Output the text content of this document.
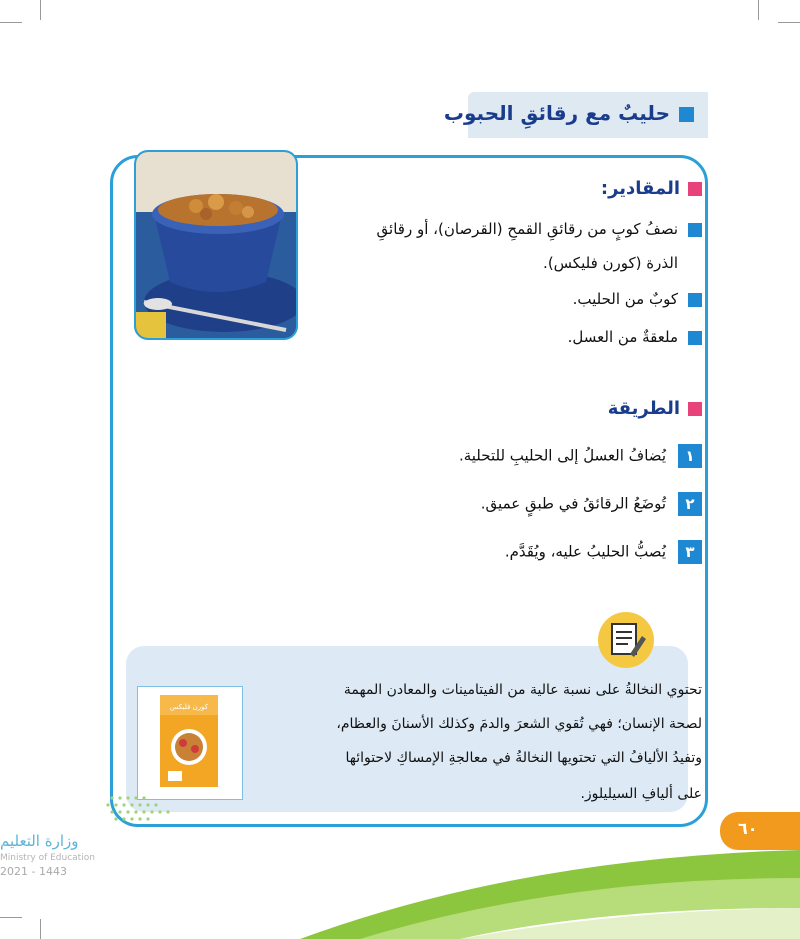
حليبٌ مع رقائقِ الحبوب
المقادير:
نصفُ كوبٍ من رقائقِ القمحِ (القرصان)، أو رقائقِ
الذرة (كورن فليكس).
كوبٌ من الحليب.
ملعقةٌ من العسل.
الطريقة
١يُضافُ العسلُ إلى الحليبِ للتحلية.
٢تُوضَعُ الرقائقُ في طبقٍ عميق.
٣يُصبُّ الحليبُ عليه، ويُقَدَّم.
تحتوي النخالةُ على نسبة عالية من الفيتامينات والمعادن المهمة
لصحة الإنسان؛ فهي تُقوي الشعرَ والدمَ وكذلك الأسنانَ والعظام،
وتفيدُ الأليافُ التي تحتويها النخالةُ في معالجةِ الإمساكِ لاحتوائها
على أليافِ السيليلوز.
كورن فليكس
٦٠
وزارة التعليم
Ministry of Education
2021 - 1443
